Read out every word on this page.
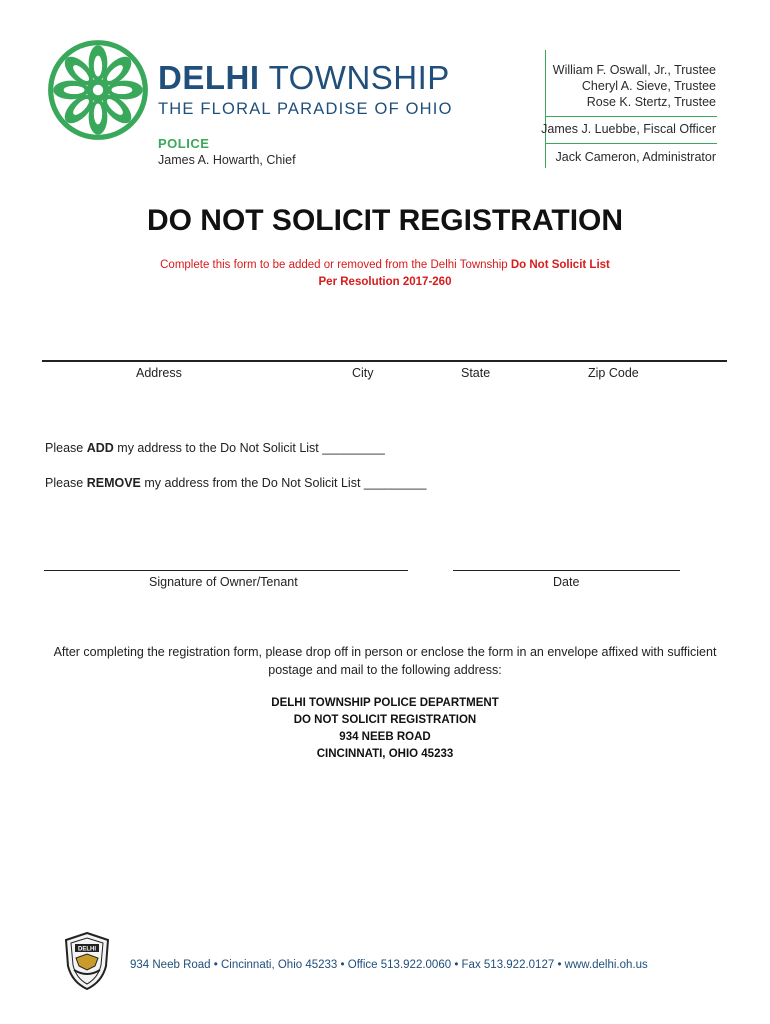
DELHI TOWNSHIP
THE FLORAL PARADISE OF OHIO
POLICE
James A. Howarth, Chief
William F. Oswall, Jr., Trustee
Cheryl A. Sieve, Trustee
Rose K. Stertz, Trustee
James J. Luebbe, Fiscal Officer
Jack Cameron, Administrator
DO NOT SOLICIT REGISTRATION
Complete this form to be added or removed from the Delhi Township Do Not Solicit List
Per Resolution 2017-260
Address	City	State	Zip Code
Please ADD my address to the Do Not Solicit List _________
Please REMOVE my address from the Do Not Solicit List _________
Signature of Owner/Tenant	Date
After completing the registration form, please drop off in person or enclose the form in an envelope affixed with sufficient postage and mail to the following address:
DELHI TOWNSHIP POLICE DEPARTMENT
DO NOT SOLICIT REGISTRATION
934 NEEB ROAD
CINCINNATI, OHIO 45233
DELHI
934 Neeb Road • Cincinnati, Ohio 45233 • Office 513.922.0060 • Fax 513.922.0127 • www.delhi.oh.us
